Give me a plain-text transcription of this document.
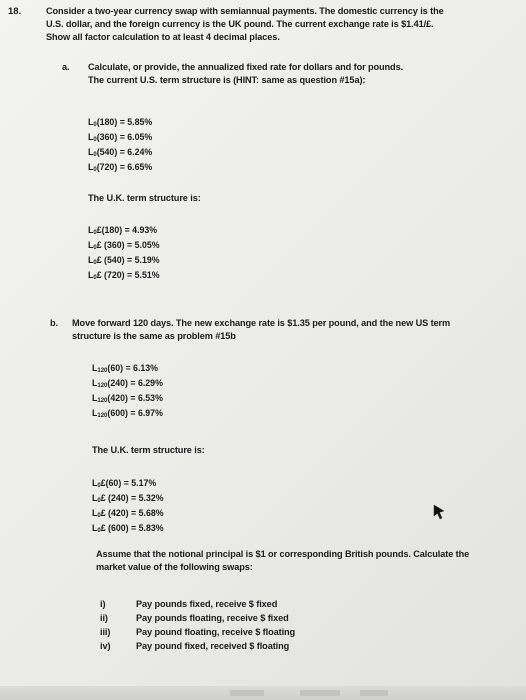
18.	Consider a two-year currency swap with semiannual payments. The domestic currency is the
U.S. dollar, and the foreign currency is the UK pound. The current exchange rate is $1.41/£.
Show all factor calculation to at least 4 decimal places.
a. Calculate, or provide, the annualized fixed rate for dollars and for pounds.
The current U.S. term structure is (HINT: same as question #15a):
$L_0(180) = 5.85\%$
$L_0(360) = 6.05\%$
$L_0(540) = 6.24\%$
$L_0(720) = 6.65\%$
The U.K. term structure is:
$L_0£(180) = 4.93\%$
$L_0£$ (360) = 5.05%
$L_0£$ (540) = 5.19%
$L_0£$ (720) = 5.51%
b. Move forward 120 days. The new exchange rate is $1.35 per pound, and the new US term
structure is the same as problem #15b
$L_{120}(60) = 6.13\%$
$L_{120}(240) = 6.29\%$
$L_{120}(420) = 6.53\%$
$L_{120}(600) = 6.97\%$
The U.K. term structure is:
$L_0£(60) = 5.17\%$
$L_0£$ (240) = 5.32%
$L_0£$ (420) = 5.68%
$L_0£$ (600) = 5.83%
Assume that the notional principal is $1 or corresponding British pounds. Calculate the
market value of the following swaps:
i)	Pay pounds fixed, receive $ fixed
ii)	Pay pounds floating, receive $ fixed
iii)	Pay pound floating, receive $ floating
iv)	Pay pound fixed, received $ floating
